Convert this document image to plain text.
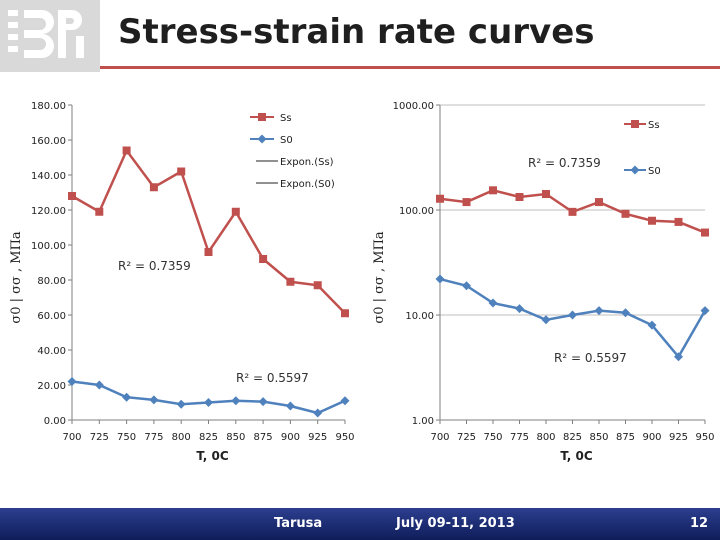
Stress-strain rate curves
0.00
20.00
40.00
60.00
80.00
100.00
120.00
140.00
160.00
180.00
700 725 750 775 800 825 850 875 900 925 950
T, 0C
σ0 | σσ , МПа
Ss
S0
Expon.(Ss)
Expon.(S0)
R² = 0.7359
R² = 0.5597
1.00
10.00
100.00
1000.00
700 725 750 775 800 825 850 875 900 925 950
T, 0C
σ0 | σσ , МПа
Ss
S0
R² = 0.7359
R² = 0.5597
Tarusa	July 09-11, 2013	12
